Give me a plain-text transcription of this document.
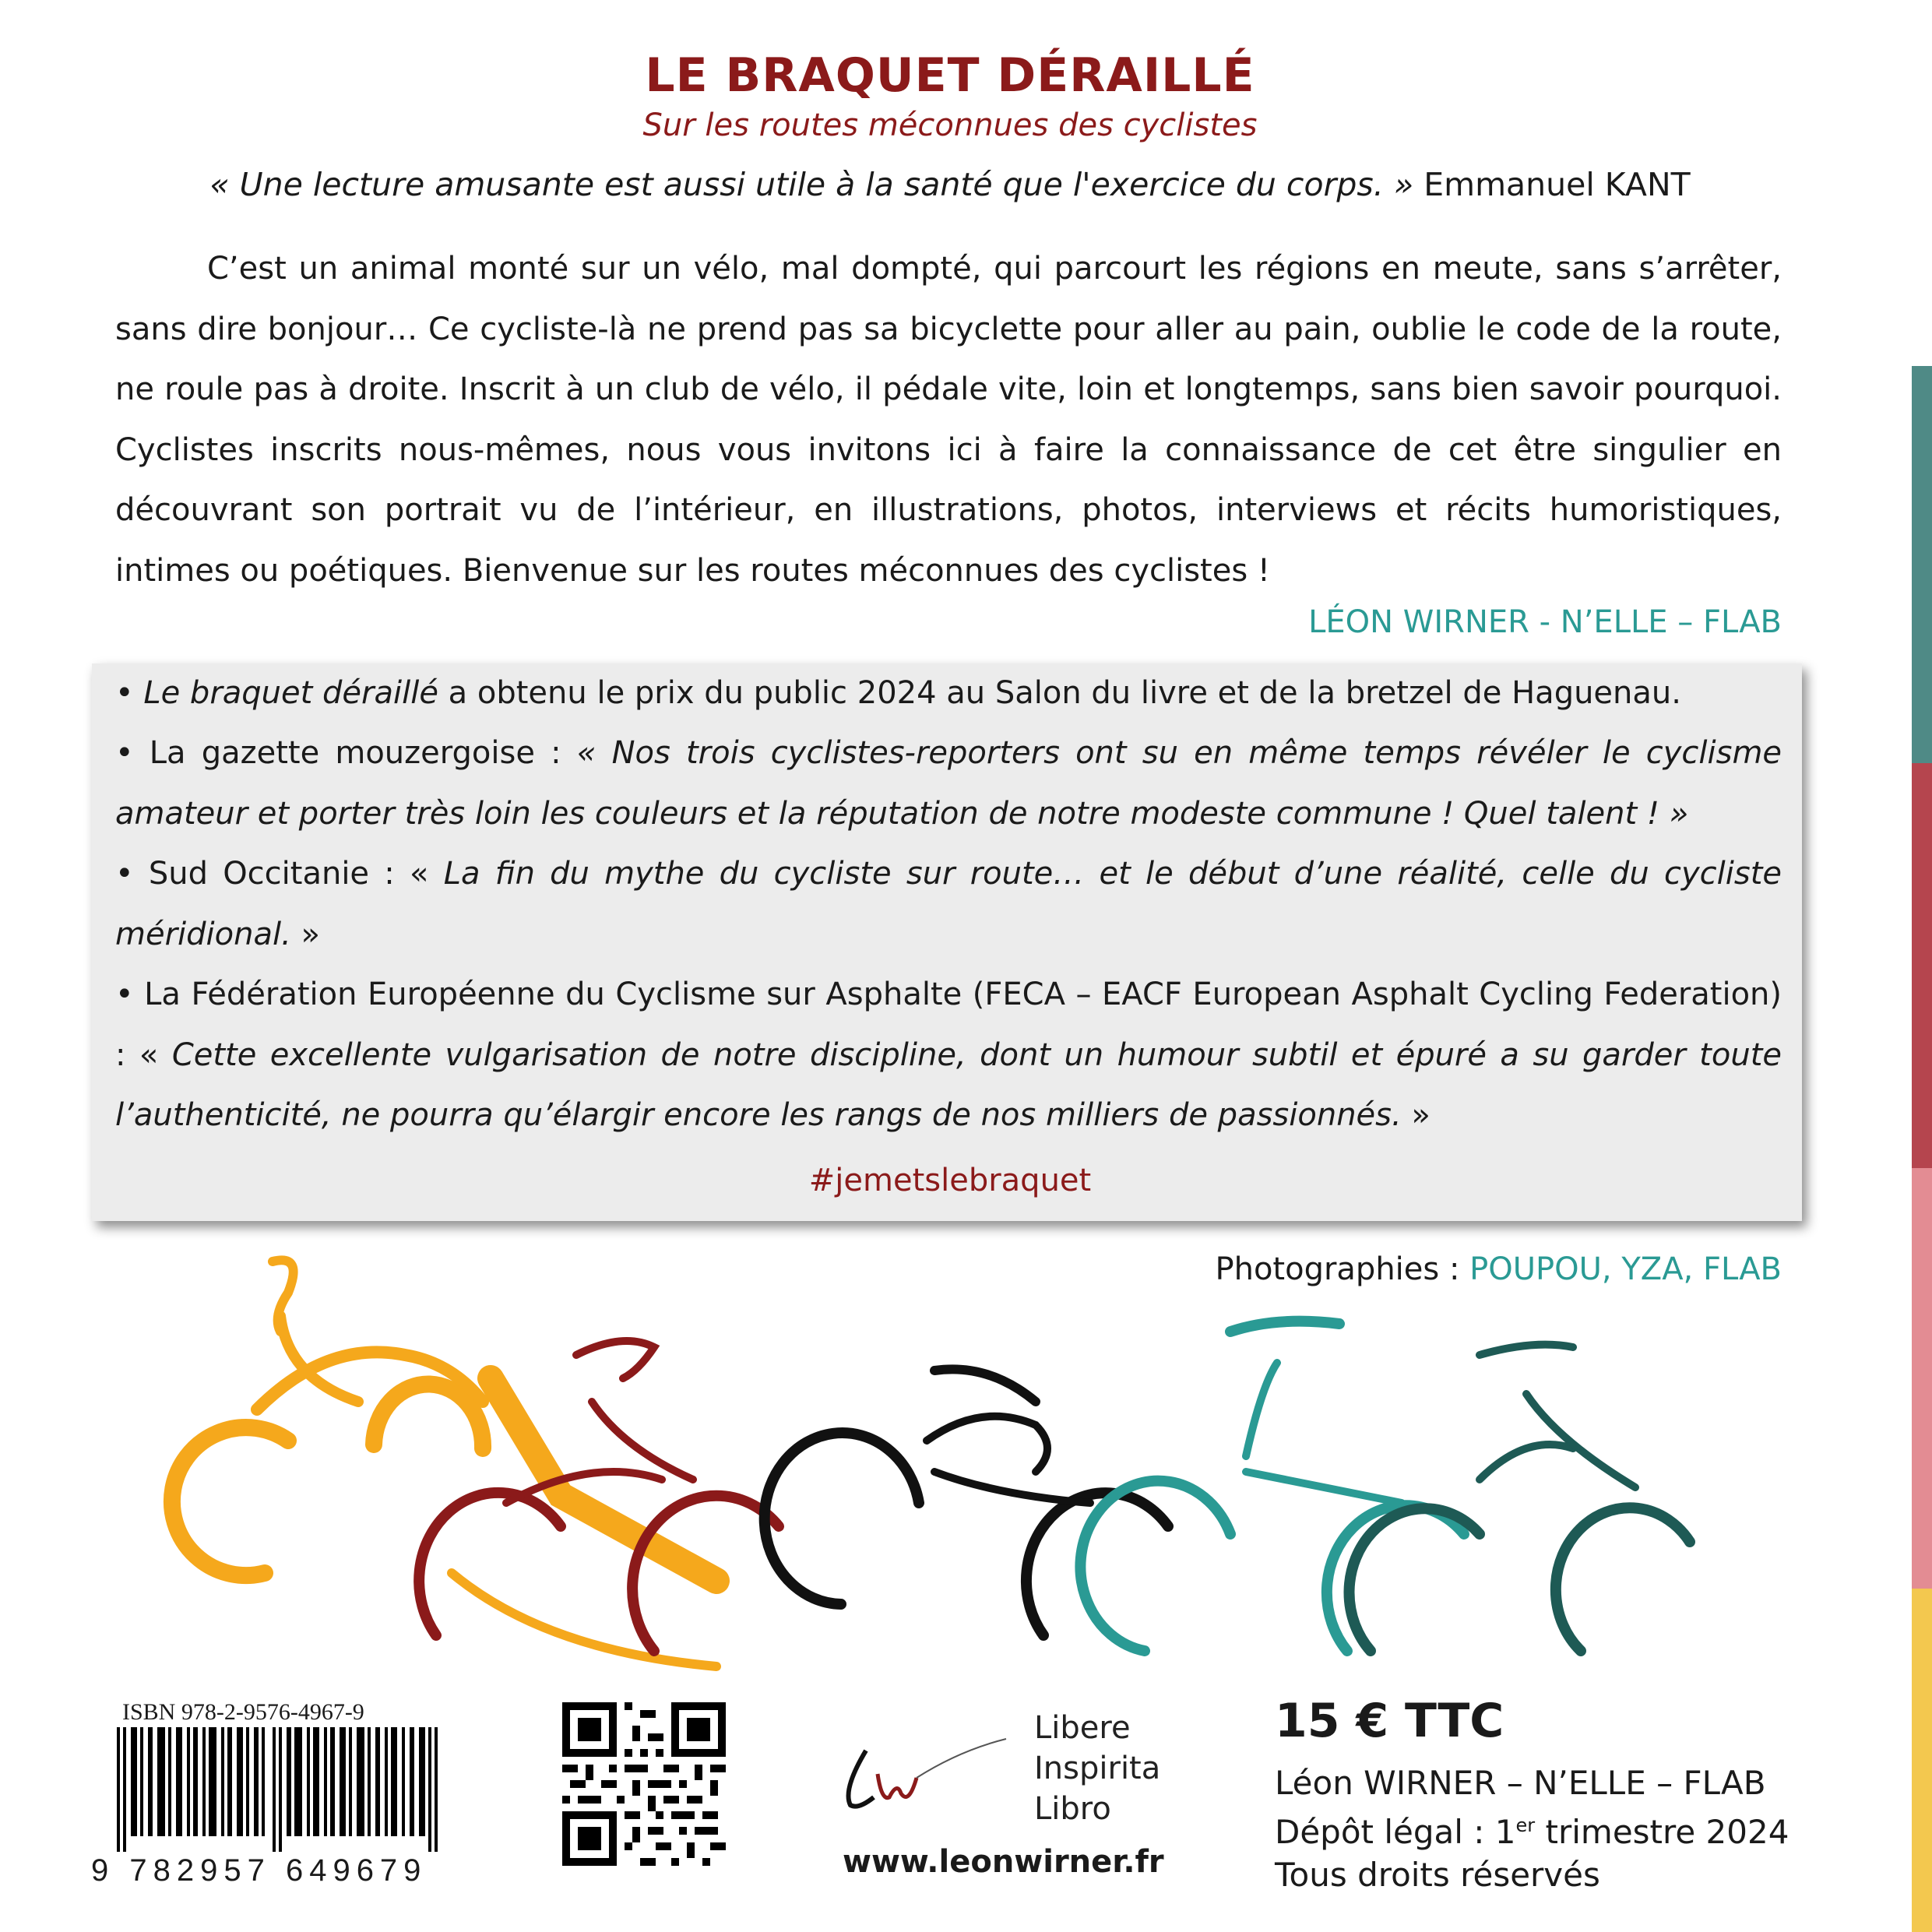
LE BRAQUET DÉRAILLÉ
Sur les routes méconnues des cyclistes
« Une lecture amusante est aussi utile à la santé que l'exercice du corps. » Emmanuel KANT
C’est un animal monté sur un vélo, mal dompté, qui parcourt les régions en meute, sans s’arrêter, sans dire bonjour… Ce cycliste-là ne prend pas sa bicyclette pour aller au pain, oublie le code de la route, ne roule pas à droite. Inscrit à un club de vélo, il pédale vite, loin et longtemps, sans bien savoir pourquoi. Cyclistes inscrits nous-mêmes, nous vous invitons ici à faire la connaissance de cet être singulier en découvrant son portrait vu de l’intérieur, en illustrations, photos, interviews et récits humoristiques, intimes ou poétiques. Bienvenue sur les routes méconnues des cyclistes !
LÉON WIRNER - N’ELLE – FLAB
• Le braquet déraillé a obtenu le prix du public 2024 au Salon du livre et de la bretzel de Haguenau.
• La gazette mouzergoise : « Nos trois cyclistes-reporters ont su en même temps révéler le cyclisme amateur et porter très loin les couleurs et la réputation de notre modeste commune ! Quel talent ! »
• Sud Occitanie : « La fin du mythe du cycliste sur route… et le début d’une réalité, celle du cycliste méridional. »
• La Fédération Européenne du Cyclisme sur Asphalte (FECA – EACF European Asphalt Cycling Federation) : « Cette excellente vulgarisation de notre discipline, dont un humour subtil et épuré a su garder toute l’authenticité, ne pourra qu’élargir encore les rangs de nos milliers de passionnés. »
#jemetslebraquet
Photographies : POUPOU, YZA, FLAB
ISBN 978-2-9576-4967-9
9 782957 649679
Libere
Inspirita
Libro
www.leonwirner.fr
15 € TTC
Léon WIRNER – N’ELLE – FLAB
Dépôt légal : 1er trimestre 2024
Tous droits réservés
